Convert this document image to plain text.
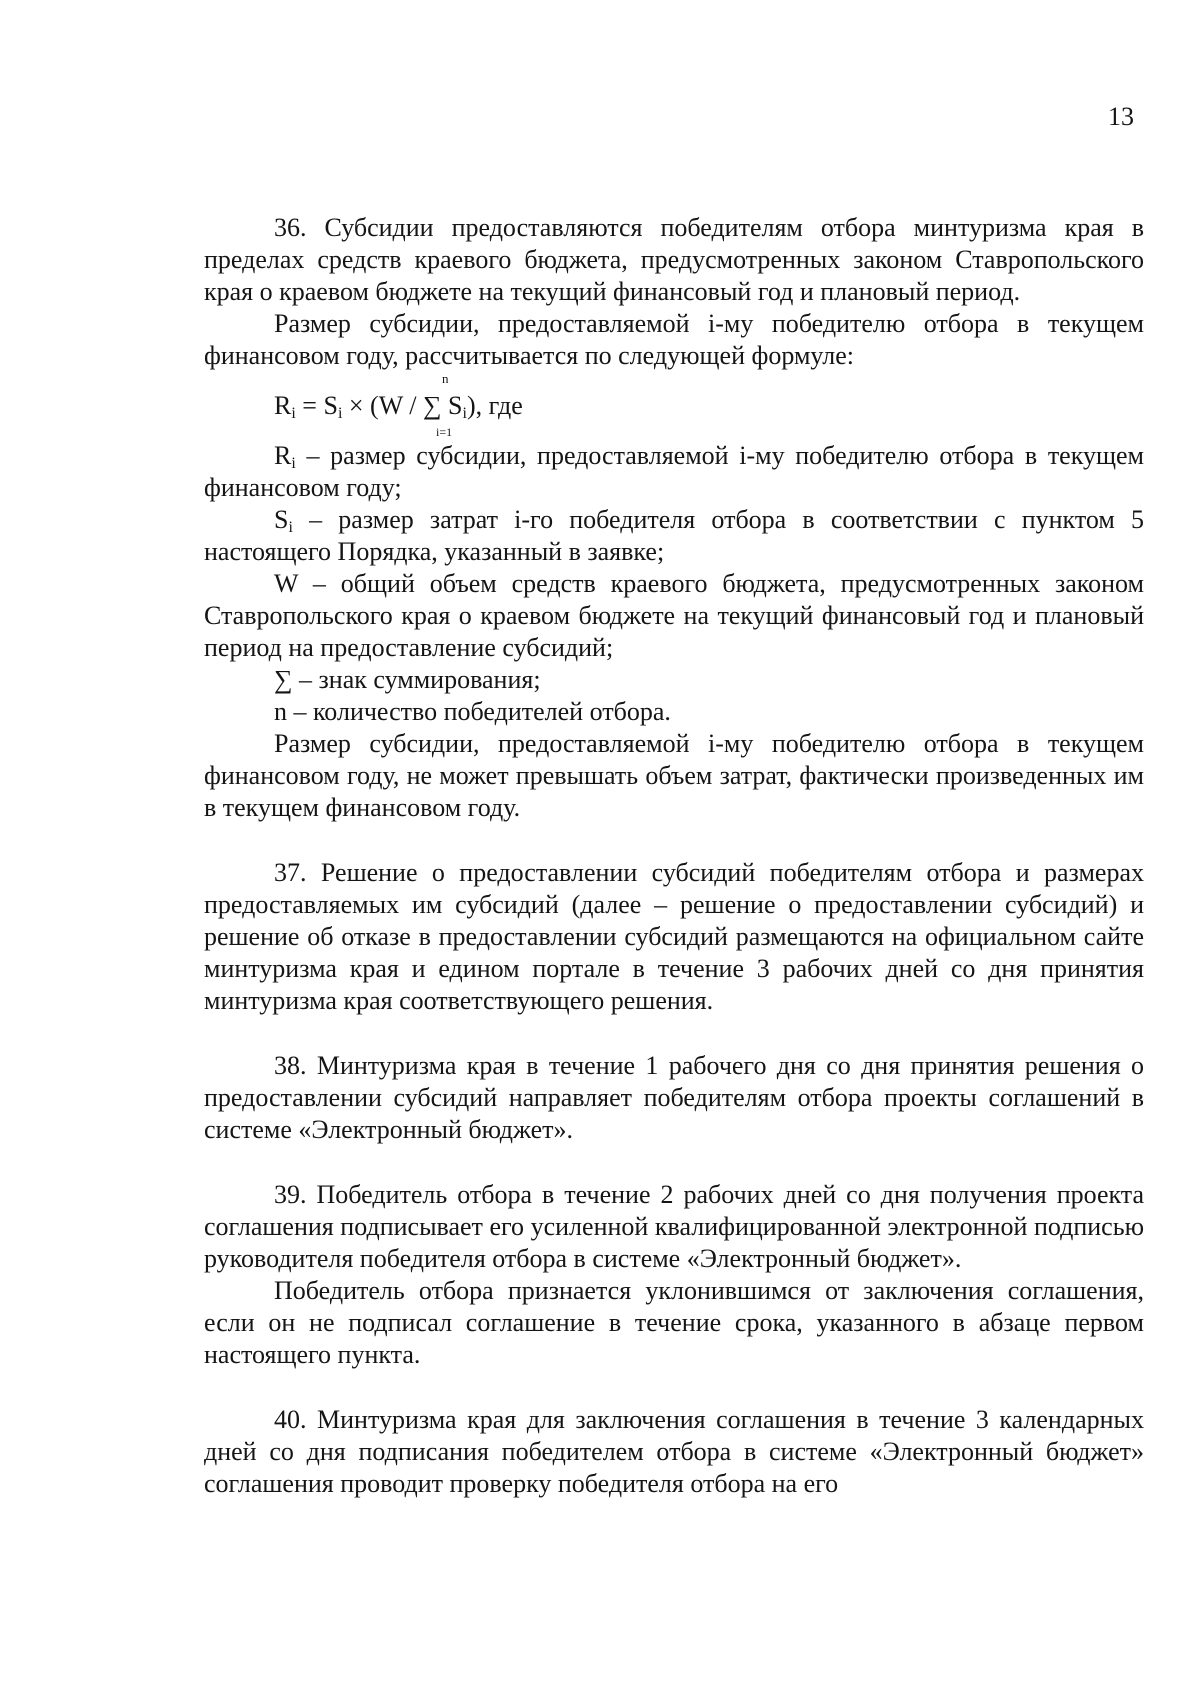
13

36. Субсидии предоставляются победителям отбора минтуризма края в пределах средств краевого бюджета, предусмотренных законом Ставропольского края о краевом бюджете на текущий финансовый год и плановый период.

Размер субсидии, предоставляемой i-му победителю отбора в текущем финансовом году, рассчитывается по следующей формуле:

n
$R_i = S_i \times (W$ / ∑ $S_i$), где
i=1

$R_i$ – размер субсидии, предоставляемой i-му победителю отбора в текущем финансовом году;

$S_i$ – размер затрат i-го победителя отбора в соответствии с пунктом 5 настоящего Порядка, указанный в заявке;

W – общий объем средств краевого бюджета, предусмотренных законом Ставропольского края о краевом бюджете на текущий финансовый год и плановый период на предоставление субсидий;

∑ – знак суммирования;

n – количество победителей отбора.

Размер субсидии, предоставляемой i-му победителю отбора в текущем финансовом году, не может превышать объем затрат, фактически произведенных им в текущем финансовом году.

37. Решение о предоставлении субсидий победителям отбора и размерах предоставляемых им субсидий (далее – решение о предоставлении субсидий) и решение об отказе в предоставлении субсидий размещаются на официальном сайте минтуризма края и едином портале в течение 3 рабочих дней со дня принятия минтуризма края соответствующего решения.

38. Минтуризма края в течение 1 рабочего дня со дня принятия решения о предоставлении субсидий направляет победителям отбора проекты соглашений в системе «Электронный бюджет».

39. Победитель отбора в течение 2 рабочих дней со дня получения проекта соглашения подписывает его усиленной квалифицированной электронной подписью руководителя победителя отбора в системе «Электронный бюджет».

Победитель отбора признается уклонившимся от заключения соглашения, если он не подписал соглашение в течение срока, указанного в абзаце первом настоящего пункта.

40. Минтуризма края для заключения соглашения в течение 3 календарных дней со дня подписания победителем отбора в системе «Электронный бюджет» соглашения проводит проверку победителя отбора на его
